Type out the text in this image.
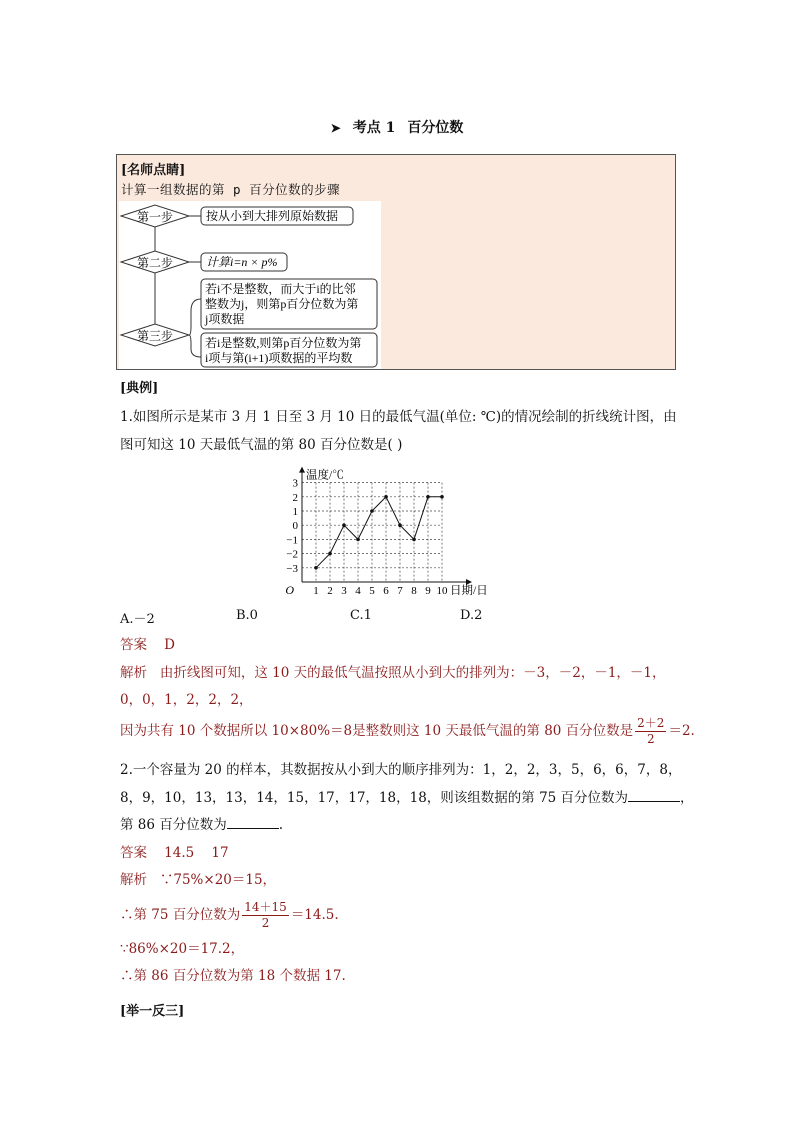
➤ 考点 1 百分位数
[名师点睛]
计算一组数据的第 p 百分位数的步骤
第一步	按从小到大排列原始数据
第二步	计算i=n × p%
第三步
若i不是整数，而大于i的比邻
整数为j，则第p百分位数为第
j项数据
若i是整数,则第p百分位数为第
i项与第(i+1)项数据的平均数
[典例]
1.如图所示是某市 3 月 1 日至 3 月 10 日的最低气温(单位: ℃)的情况绘制的折线统计图，由
图可知这 10 天最低气温的第 80 百分位数是( )
3
2
1
0
−1
−2
−3
1 2 3 4 5 6 7 8 9 10
O
温度/℃
日期/日
A.－2	B.0	C.1	D.2
答案 D
解析 由折线图可知，这 10 天的最低气温按照从小到大的排列为：－3，－2，－1，－1，
0，0，1，2，2，2，
因为共有 10 个数据所以 10×80%＝8是整数则这 10 天最低气温的第 80 百分位数是 $\frac{2+2}{2} =2$.
2.一个容量为 20 的样本，其数据按从小到大的顺序排列为：1，2，2，3，5，6，6，7，8，
8，9，10，13，13，14，15，17，17，18，18，则该组数据的第 75 百分位数为	，
第 86 百分位数为	.
答案 14.5    17
解析 ∵75%×20＝15，
∴第 75 百分位数为 $\frac{14+15}{2} =14.5$.
∵86%×20＝17.2，
∴第 86 百分位数为第 18 个数据 17.
[举一反三]
